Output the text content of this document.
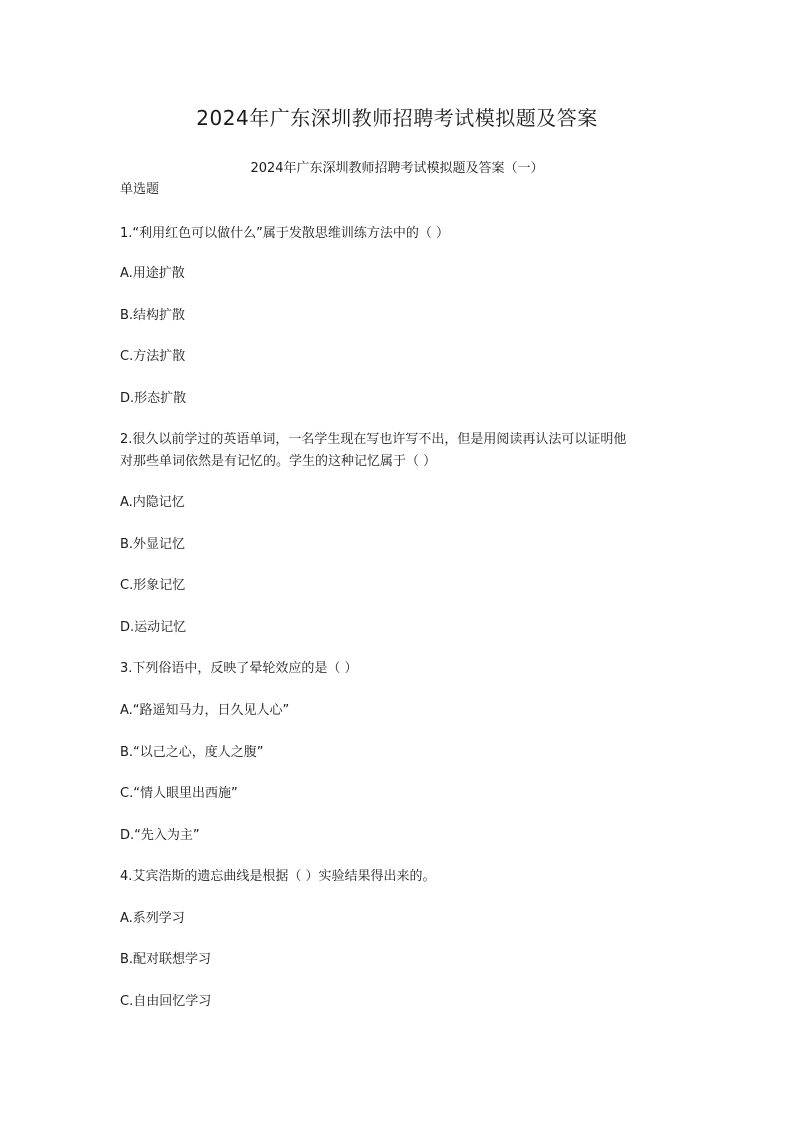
2024年广东深圳教师招聘考试模拟题及答案
2024年广东深圳教师招聘考试模拟题及答案（一）
单选题
1.“利用红色可以做什么”属于发散思维训练方法中的（ ）
A.用途扩散
B.结构扩散
C.方法扩散
D.形态扩散
2.很久以前学过的英语单词，一名学生现在写也许写不出，但是用阅读再认法可以证明他
对那些单词依然是有记忆的。学生的这种记忆属于（ ）
A.内隐记忆
B.外显记忆
C.形象记忆
D.运动记忆
3.下列俗语中，反映了晕轮效应的是（ ）
A.“路遥知马力，日久见人心”
B.“以己之心，度人之腹”
C.“情人眼里出西施”
D.“先入为主”
4.艾宾浩斯的遗忘曲线是根据（ ）实验结果得出来的。
A.系列学习
B.配对联想学习
C.自由回忆学习
